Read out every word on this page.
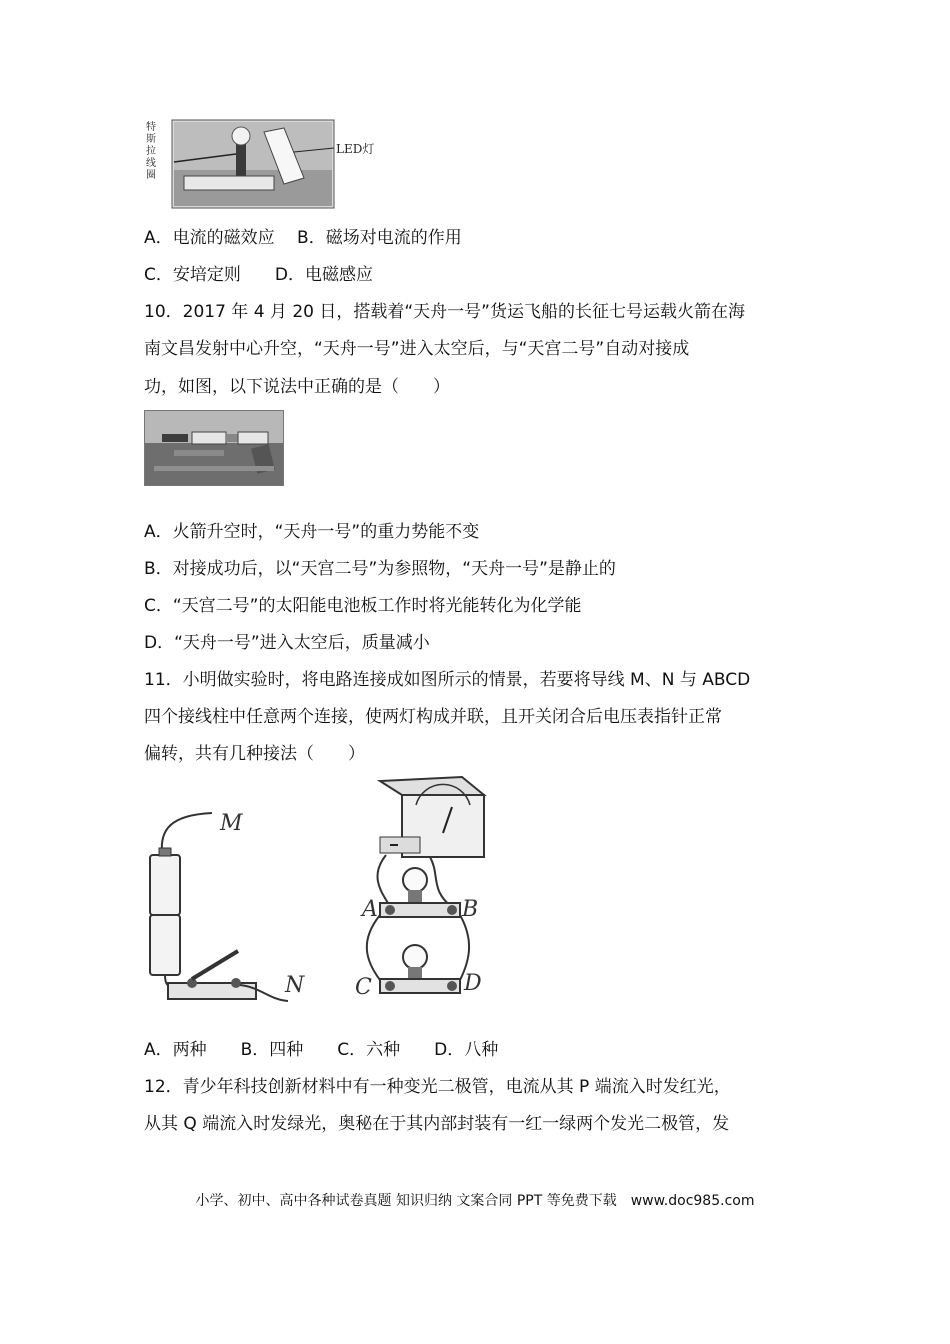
特斯拉线圈
LED灯
A．电流的磁效应　 B．磁场对电流的作用
C．安培定则　　D．电磁感应
10．2017 年 4 月 20 日，搭载着“天舟一号”货运飞船的长征七号运载火箭在海
南文昌发射中心升空，“天舟一号”进入太空后，与“天宫二号”自动对接成
功，如图，以下说法中正确的是（　　）
A．火箭升空时，“天舟一号”的重力势能不变
B．对接成功后，以“天宫二号”为参照物，“天舟一号”是静止的
C．“天宫二号”的太阳能电池板工作时将光能转化为化学能
D．“天舟一号”进入太空后，质量减小
11．小明做实验时，将电路连接成如图所示的情景，若要将导线 M、N 与 ABCD
四个接线柱中任意两个连接，使两灯构成并联，且开关闭合后电压表指针正常
偏转，共有几种接法（　　）
M
N
A	B
C	D
A．两种　　B．四种　　C．六种　　D．八种
12．青少年科技创新材料中有一种变光二极管，电流从其 P 端流入时发红光，
从其 Q 端流入时发绿光，奥秘在于其内部封装有一红一绿两个发光二极管，发
小学、初中、高中各种试卷真题 知识归纳 文案合同 PPT 等免费下载　www.doc985.com
